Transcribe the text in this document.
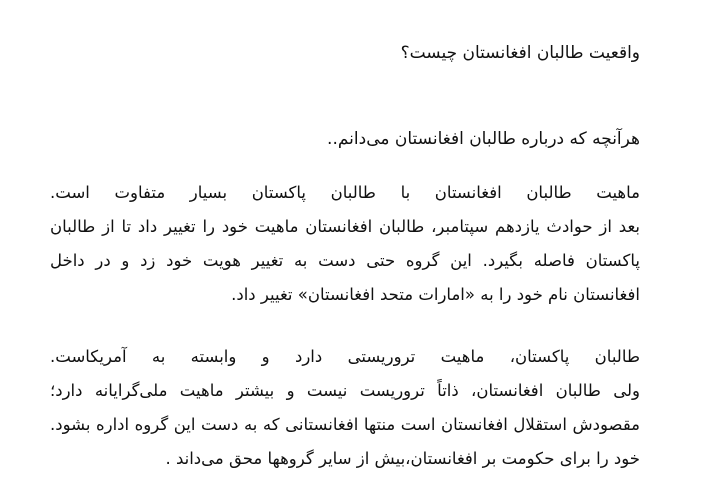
واقعیت طالبان افغانستان چیست؟

هرآنچه که درباره طالبان افغانستان می‌دانم..

ماهیت طالبان افغانستان با طالبان پاکستان بسیار متفاوت است.
بعد از حوادث یازدهم سپتامبر، طالبان افغانستان ماهیت خود را تغییر داد تا از طالبان
پاکستان فاصله بگیرد. این گروه حتی دست به تغییر هویت خود زد و در داخل
افغانستان نام خود را به «امارات متحد افغانستان» تغییر داد.

طالبان پاکستان، ماهیت تروریستی دارد و وابسته به آمریکاست.
ولی طالبان افغانستان، ذاتاً تروریست نیست و بیشتر ماهیت ملی‌گرایانه دارد؛
مقصودش استقلال افغانستان است منتها افغانستانی که به دست این گروه اداره بشود.
خود را برای حکومت بر افغانستان،بیش از سایر گروهها محق می‌داند .
